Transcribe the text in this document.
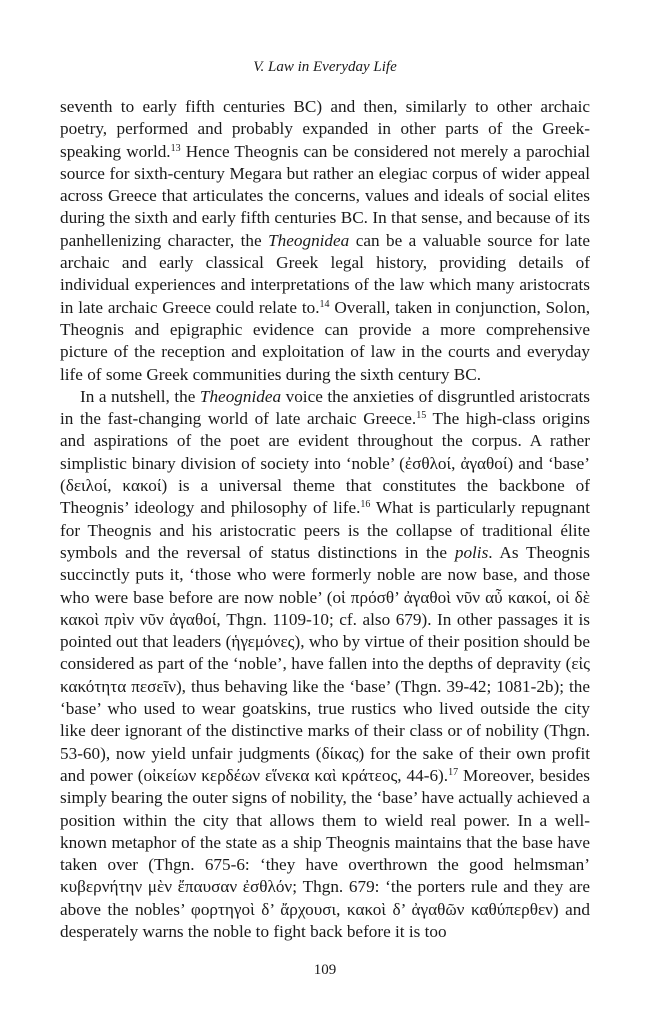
V. Law in Everyday Life

seventh to early fifth centuries BC) and then, similarly to other archaic poetry, performed and probably expanded in other parts of the Greek-speaking world.$^{13}$ Hence Theognis can be considered not merely a parochial source for sixth-century Megara but rather an elegiac corpus of wider appeal across Greece that articulates the concerns, values and ideals of social elites during the sixth and early fifth centuries BC. In that sense, and because of its panhellenizing character, the Theognidea can be a valuable source for late archaic and early classical Greek legal history, providing details of individual experiences and interpretations of the law which many aristocrats in late archaic Greece could relate to.$^{14}$ Overall, taken in conjunction, Solon, Theognis and epigraphic evidence can provide a more comprehensive picture of the reception and exploitation of law in the courts and everyday life of some Greek communities during the sixth century BC.

In a nutshell, the Theognidea voice the anxieties of disgruntled aristocrats in the fast-changing world of late archaic Greece.$^{15}$ The high-class origins and aspirations of the poet are evident throughout the corpus. A rather simplistic binary division of society into ‘noble’ (ἐσθλοί, ἀγαθοί) and ‘base’ (δειλοί, κακοί) is a universal theme that constitutes the backbone of Theognis’ ideology and philosophy of life.$^{16}$ What is particularly repugnant for Theognis and his aristocratic peers is the collapse of traditional élite symbols and the reversal of status distinctions in the polis. As Theognis succinctly puts it, ‘those who were formerly noble are now base, and those who were base before are now noble’ (οἱ πρόσθ’ ἀγαθοὶ νῦν αὖ κακοί, οἱ δὲ κακοὶ πρὶν νῦν ἀγαθοί, Thgn. 1109-10; cf. also 679). In other passages it is pointed out that leaders (ἡγεμόνες), who by virtue of their position should be considered as part of the ‘noble’, have fallen into the depths of depravity (εἰς κακότητα πεσεῖν), thus behaving like the ‘base’ (Thgn. 39-42; 1081-2b); the ‘base’ who used to wear goatskins, true rustics who lived outside the city like deer ignorant of the distinctive marks of their class or of nobility (Thgn. 53-60), now yield unfair judgments (δίκας) for the sake of their own profit and power (οἰκείων κερδέων εἵνεκα καὶ κράτεος, 44-6).$^{17}$ Moreover, besides simply bearing the outer signs of nobility, the ‘base’ have actually achieved a position within the city that allows them to wield real power. In a well-known metaphor of the state as a ship Theognis maintains that the base have taken over (Thgn. 675-6: ‘they have overthrown the good helmsman’ κυβερνήτην μὲν ἔπαυσαν ἐσθλόν; Thgn. 679: ‘the porters rule and they are above the nobles’ φορτηγοὶ δ’ ἄρχουσι, κακοὶ δ’ ἀγαθῶν καθύπερθεν) and desperately warns the noble to fight back before it is too

109
